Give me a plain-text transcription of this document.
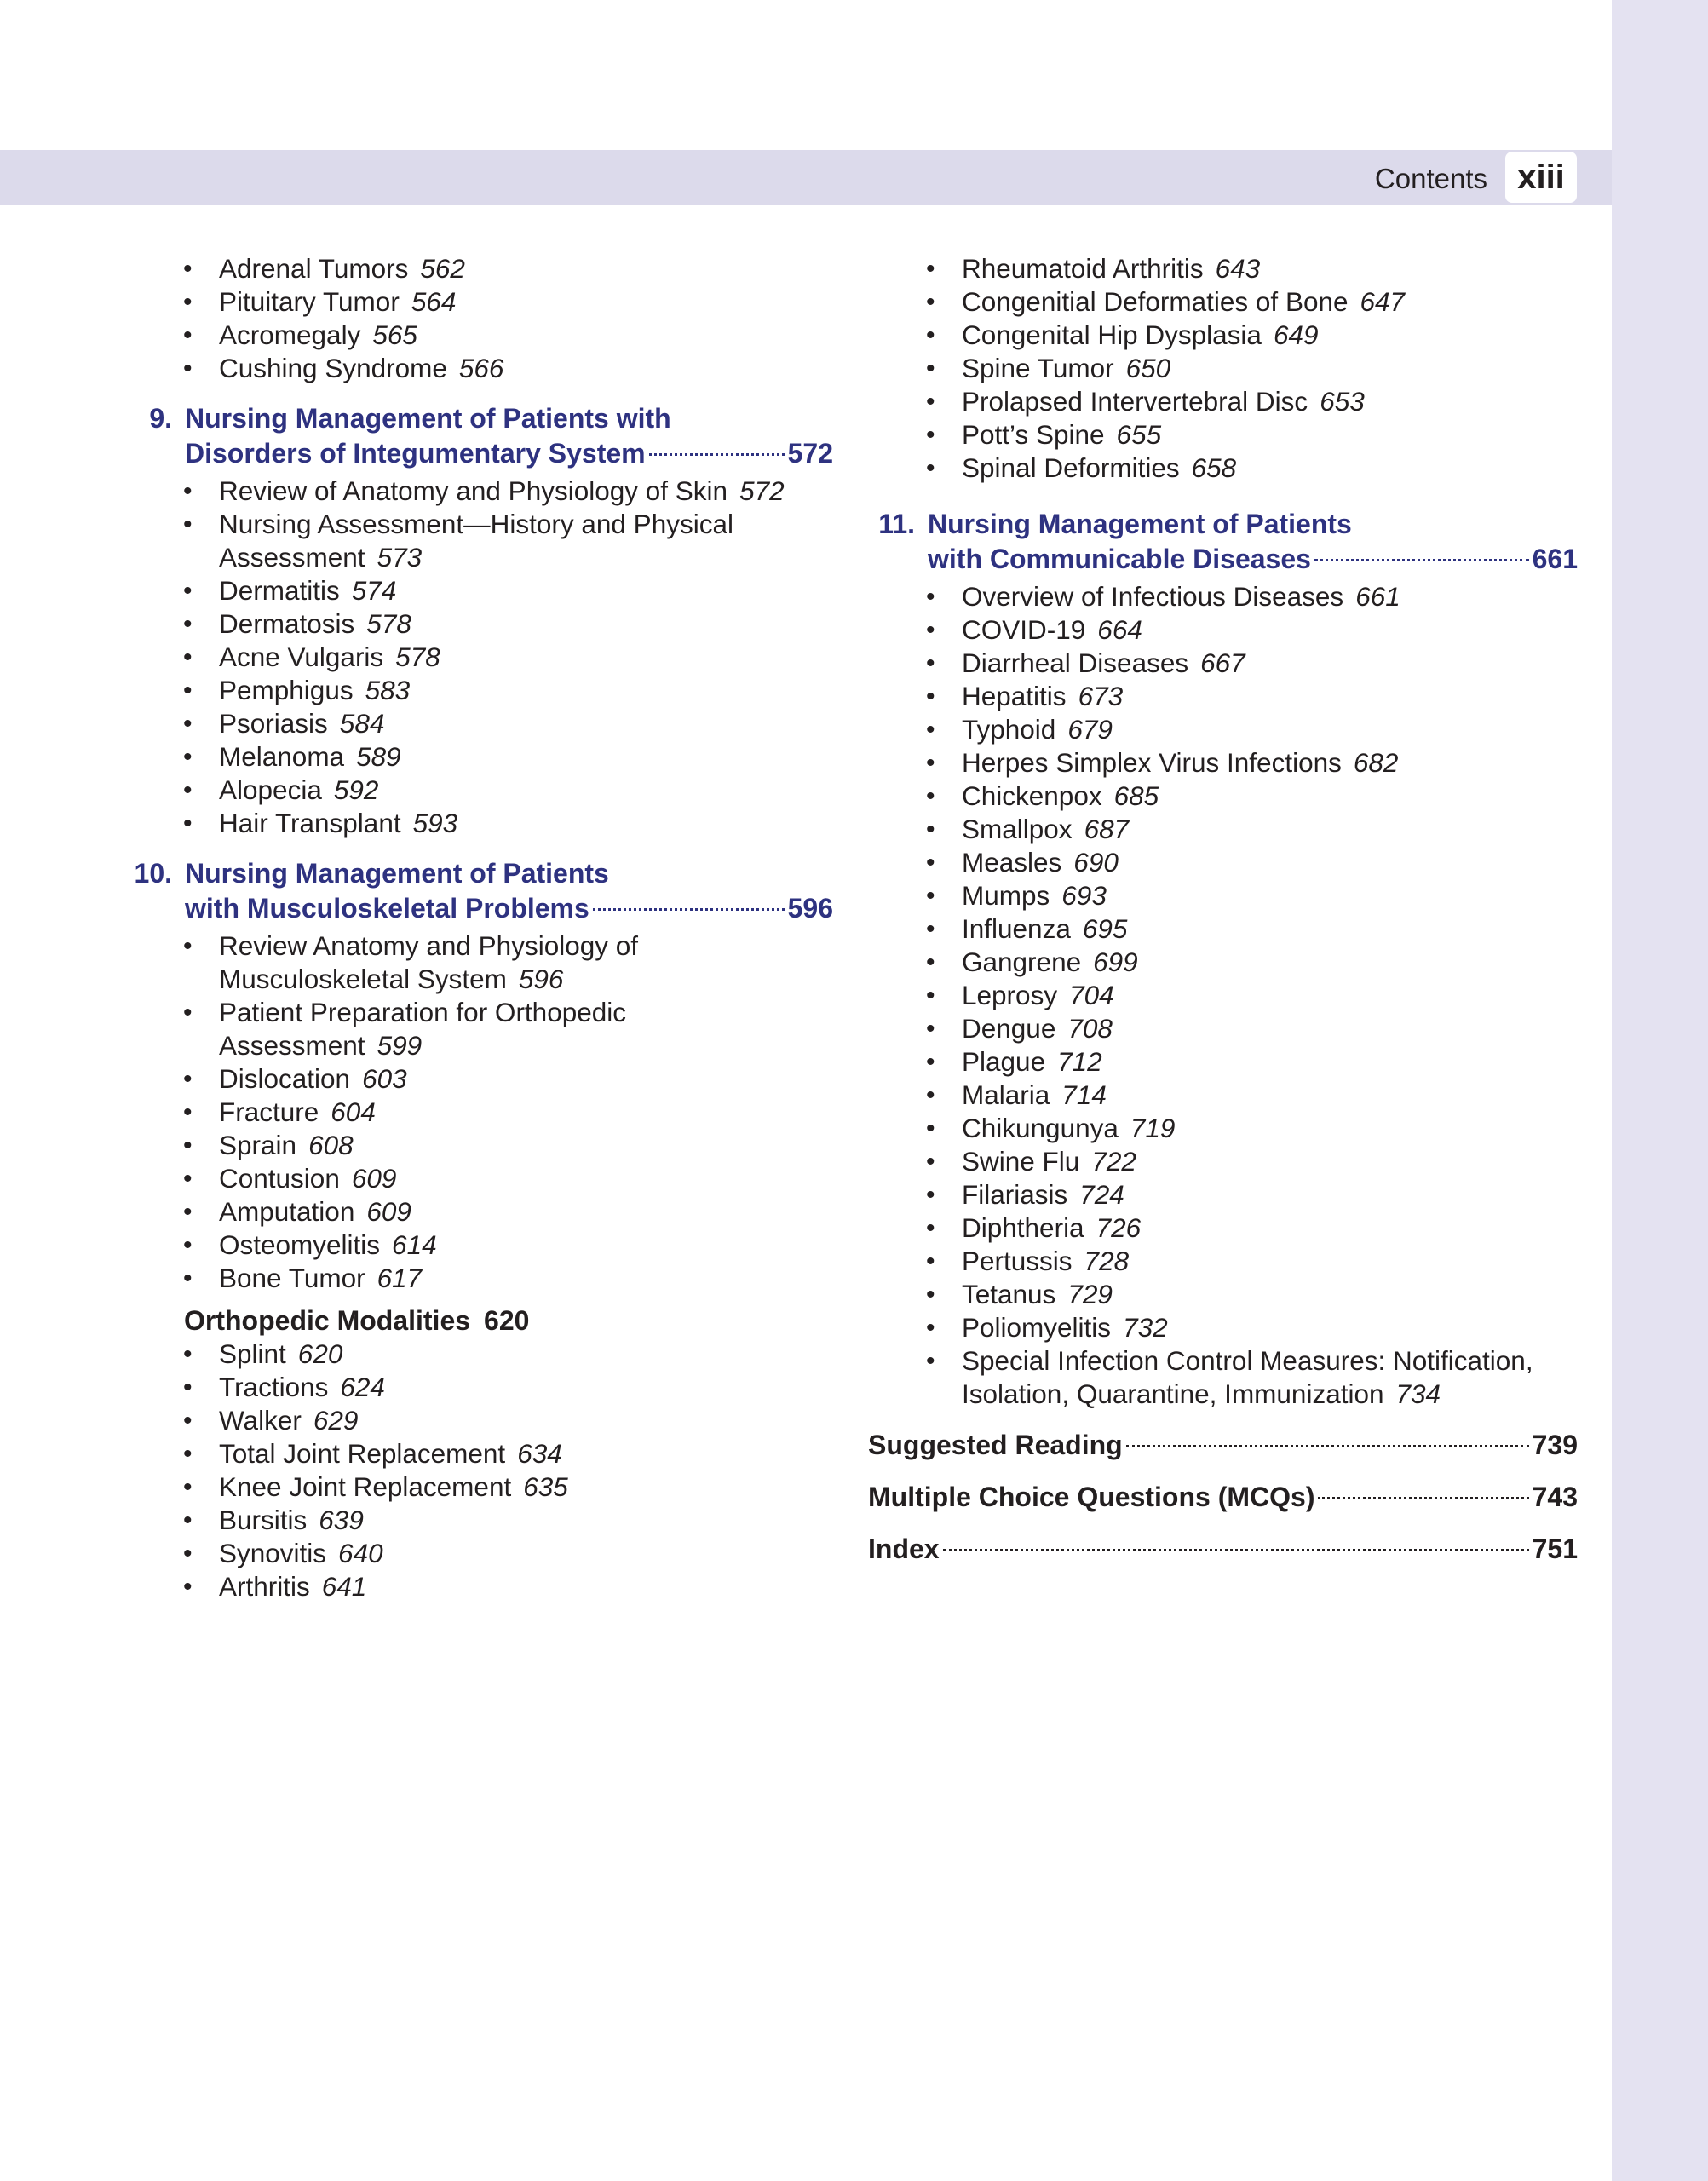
Contents xiii
• Adrenal Tumors 562
• Pituitary Tumor 564
• Acromegaly 565
• Cushing Syndrome 566
9. Nursing Management of Patients with
Disorders of Integumentary System	572
• Review of Anatomy and Physiology of Skin 572
• Nursing Assessment—History and Physical Assessment 573
• Dermatitis 574
• Dermatosis 578
• Acne Vulgaris 578
• Pemphigus 583
• Psoriasis 584
• Melanoma 589
• Alopecia 592
• Hair Transplant 593
10. Nursing Management of Patients
with Musculoskeletal Problems	596
• Review Anatomy and Physiology of Musculoskeletal System 596
• Patient Preparation for Orthopedic Assessment 599
• Dislocation 603
• Fracture 604
• Sprain 608
• Contusion 609
• Amputation 609
• Osteomyelitis 614
• Bone Tumor 617
Orthopedic Modalities 620
• Splint 620
• Tractions 624
• Walker 629
• Total Joint Replacement 634
• Knee Joint Replacement 635
• Bursitis 639
• Synovitis 640
• Arthritis 641
• Rheumatoid Arthritis 643
• Congenitial Deformaties of Bone 647
• Congenital Hip Dysplasia 649
• Spine Tumor 650
• Prolapsed Intervertebral Disc 653
• Pott’s Spine 655
• Spinal Deformities 658
11. Nursing Management of Patients
with Communicable Diseases	661
• Overview of Infectious Diseases 661
• COVID-19 664
• Diarrheal Diseases 667
• Hepatitis 673
• Typhoid 679
• Herpes Simplex Virus Infections 682
• Chickenpox 685
• Smallpox 687
• Measles 690
• Mumps 693
• Influenza 695
• Gangrene 699
• Leprosy 704
• Dengue 708
• Plague 712
• Malaria 714
• Chikungunya 719
• Swine Flu 722
• Filariasis 724
• Diphtheria 726
• Pertussis 728
• Tetanus 729
• Poliomyelitis 732
• Special Infection Control Measures: Notification, Isolation, Quarantine, Immunization 734
Suggested Reading	739
Multiple Choice Questions (MCQs)	743
Index	751
